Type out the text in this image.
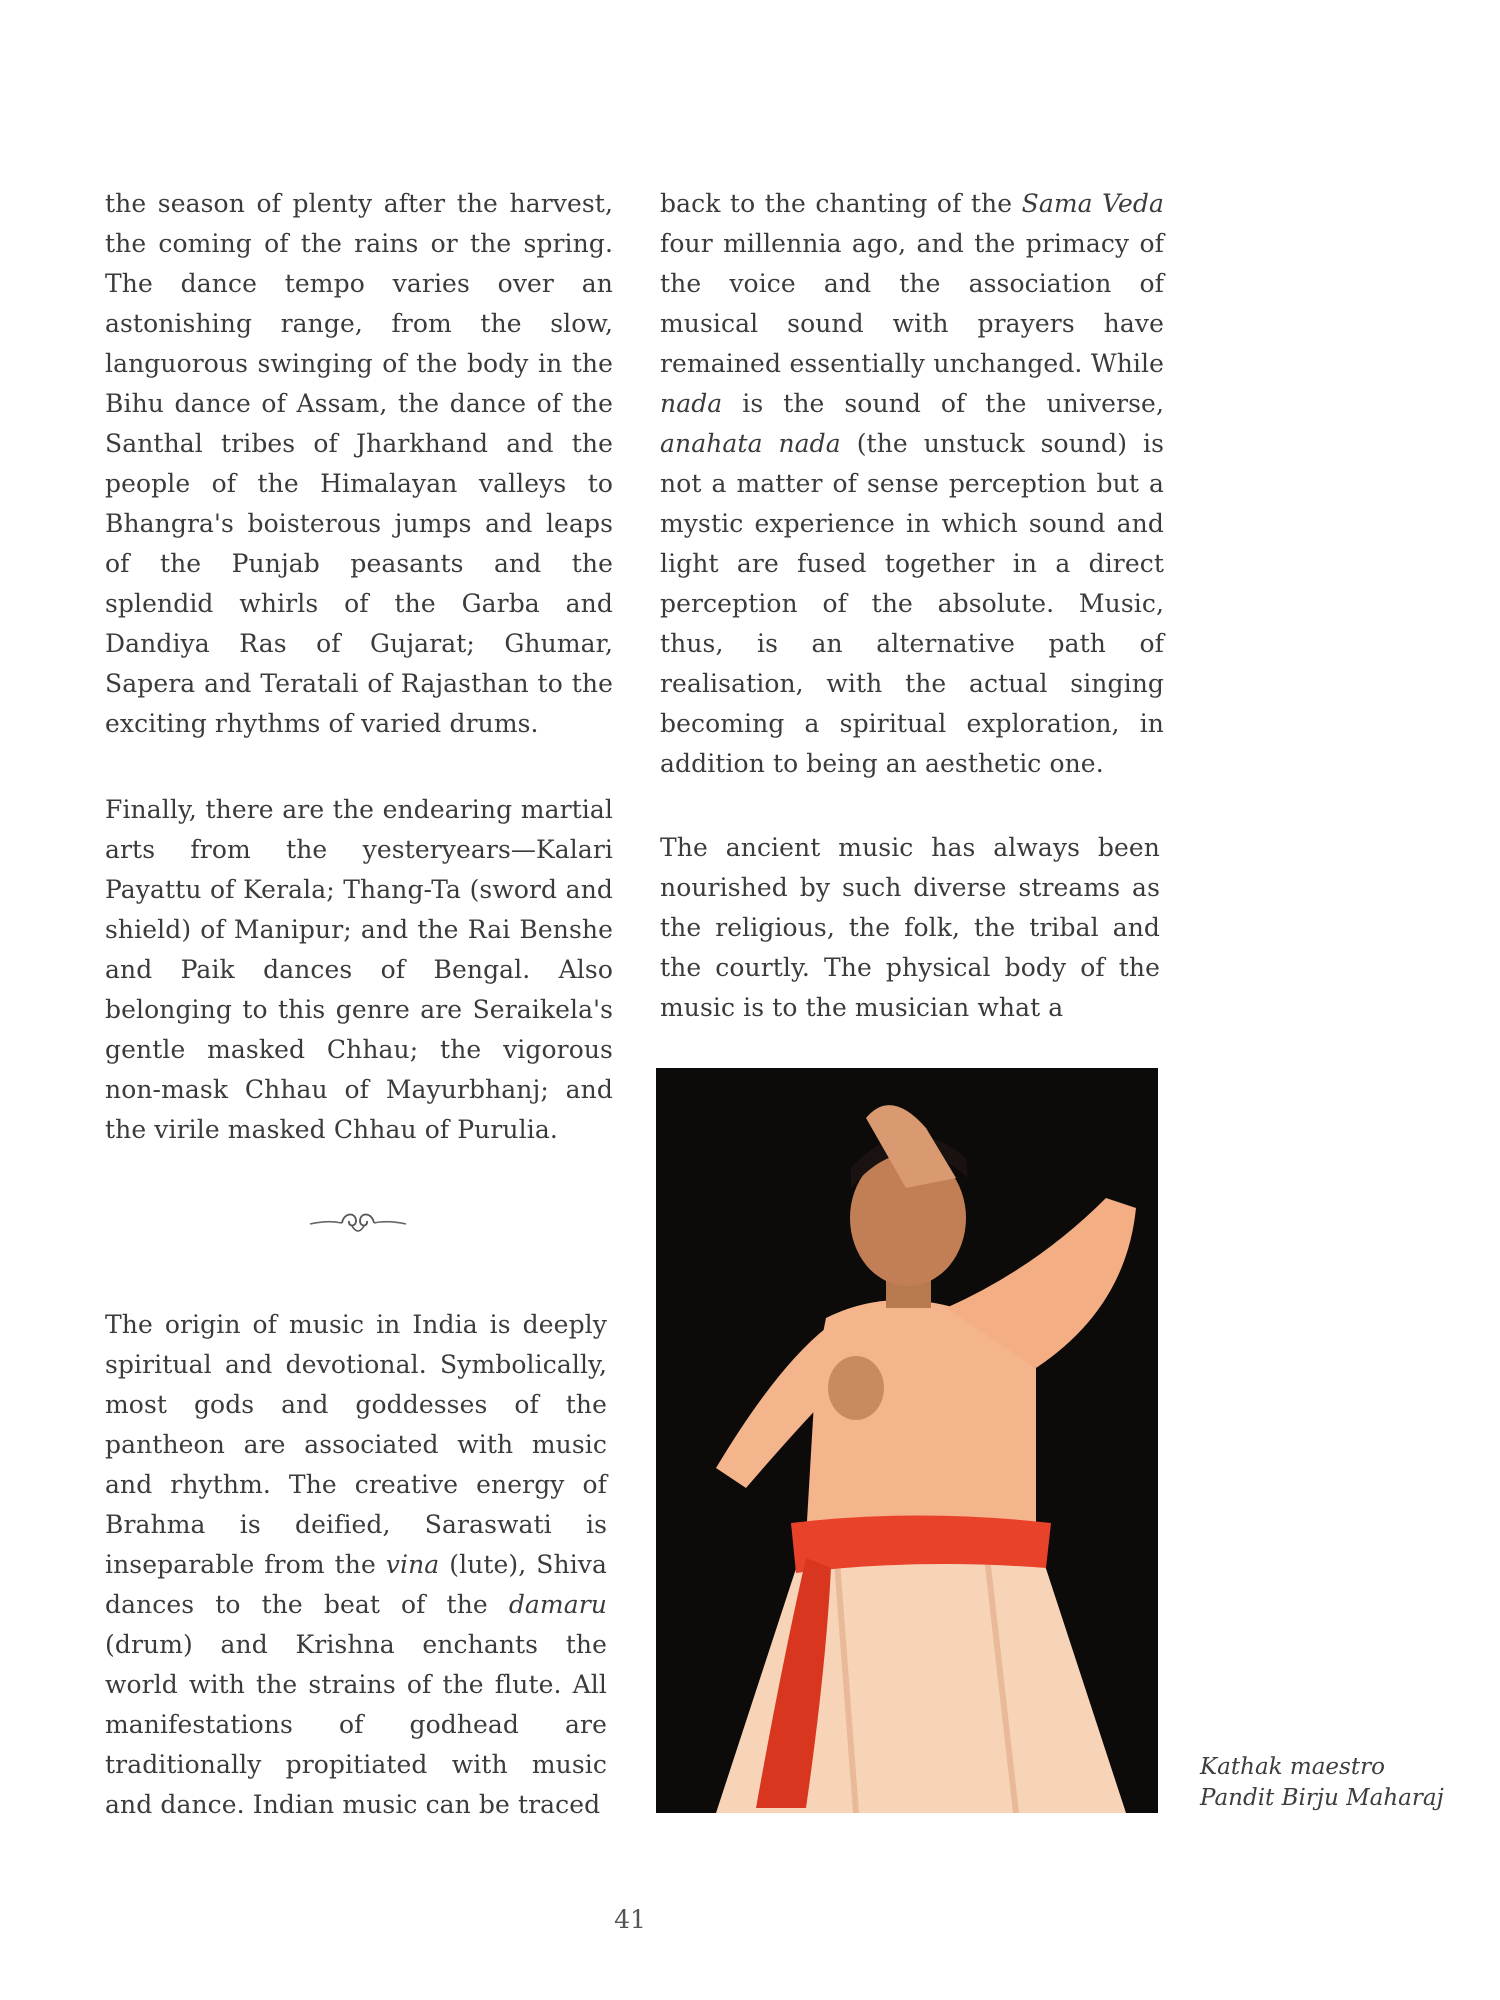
the season of plenty after the harvest, the coming of the rains or the spring. The dance tempo varies over an astonishing range, from the slow, languorous swinging of the body in the Bihu dance of Assam, the dance of the Santhal tribes of Jharkhand and the people of the Himalayan valleys to Bhangra's boisterous jumps and leaps of the Punjab peasants and the splendid whirls of the Garba and Dandiya Ras of Gujarat; Ghumar, Sapera and Teratali of Rajasthan to the exciting rhythms of varied drums.

Finally, there are the endearing martial arts from the yesteryears—Kalari Payattu of Kerala; Thang-Ta (sword and shield) of Manipur; and the Rai Benshe and Paik dances of Bengal. Also belonging to this genre are Seraikela's gentle masked Chhau; the vigorous non-mask Chhau of Mayurbhanj; and the virile masked Chhau of Purulia.

The origin of music in India is deeply spiritual and devotional. Symbolically, most gods and goddesses of the pantheon are associated with music and rhythm. The creative energy of Brahma is deified, Saraswati is inseparable from the vina (lute), Shiva dances to the beat of the damaru (drum) and Krishna enchants the world with the strains of the flute. All manifestations of godhead are traditionally propitiated with music and dance. Indian music can be traced

back to the chanting of the Sama Veda four millennia ago, and the primacy of the voice and the association of musical sound with prayers have remained essentially unchanged. While nada is the sound of the universe, anahata nada (the unstuck sound) is not a matter of sense perception but a mystic experience in which sound and light are fused together in a direct perception of the absolute. Music, thus, is an alternative path of realisation, with the actual singing becoming a spiritual exploration, in addition to being an aesthetic one.

The ancient music has always been nourished by such diverse streams as the religious, the folk, the tribal and the courtly. The physical body of the music is to the musician what a

Kathak maestro
Pandit Birju Maharaj
41
